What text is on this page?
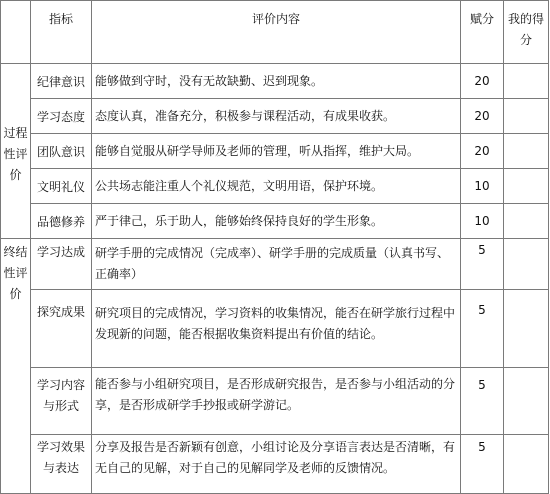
	指标	评价内容	赋分	我的得分
过程性评价	纪律意识	能够做到守时，没有无故缺勤、迟到现象。	20	
	学习态度	态度认真，准备充分，积极参与课程活动，有成果收获。	20	
	团队意识	能够自觉服从研学导师及老师的管理，听从指挥，维护大局。	20	
	文明礼仪	公共场志能注重人个礼仪规范，文明用语，保护环境。	10	
	品德修养	严于律己，乐于助人，能够始终保持良好的学生形象。	10	
终结性评价	学习达成	研学手册的完成情况（完成率）、研学手册的完成质量（认真书写、正确率）	5	
	探究成果	研究项目的完成情况，学习资料的收集情况，能否在研学旅行过程中发现新的问题，能否根据收集资料提出有价值的结论。	5	
	学习内容与形式	能否参与小组研究项目，是否形成研究报告，是否参与小组活动的分享，是否形成研学手抄报或研学游记。	5	
	学习效果与表达	分享及报告是否新颖有创意，小组讨论及分享语言表达是否清晰，有无自己的见解，对于自己的见解同学及老师的反馈情况。	5	
